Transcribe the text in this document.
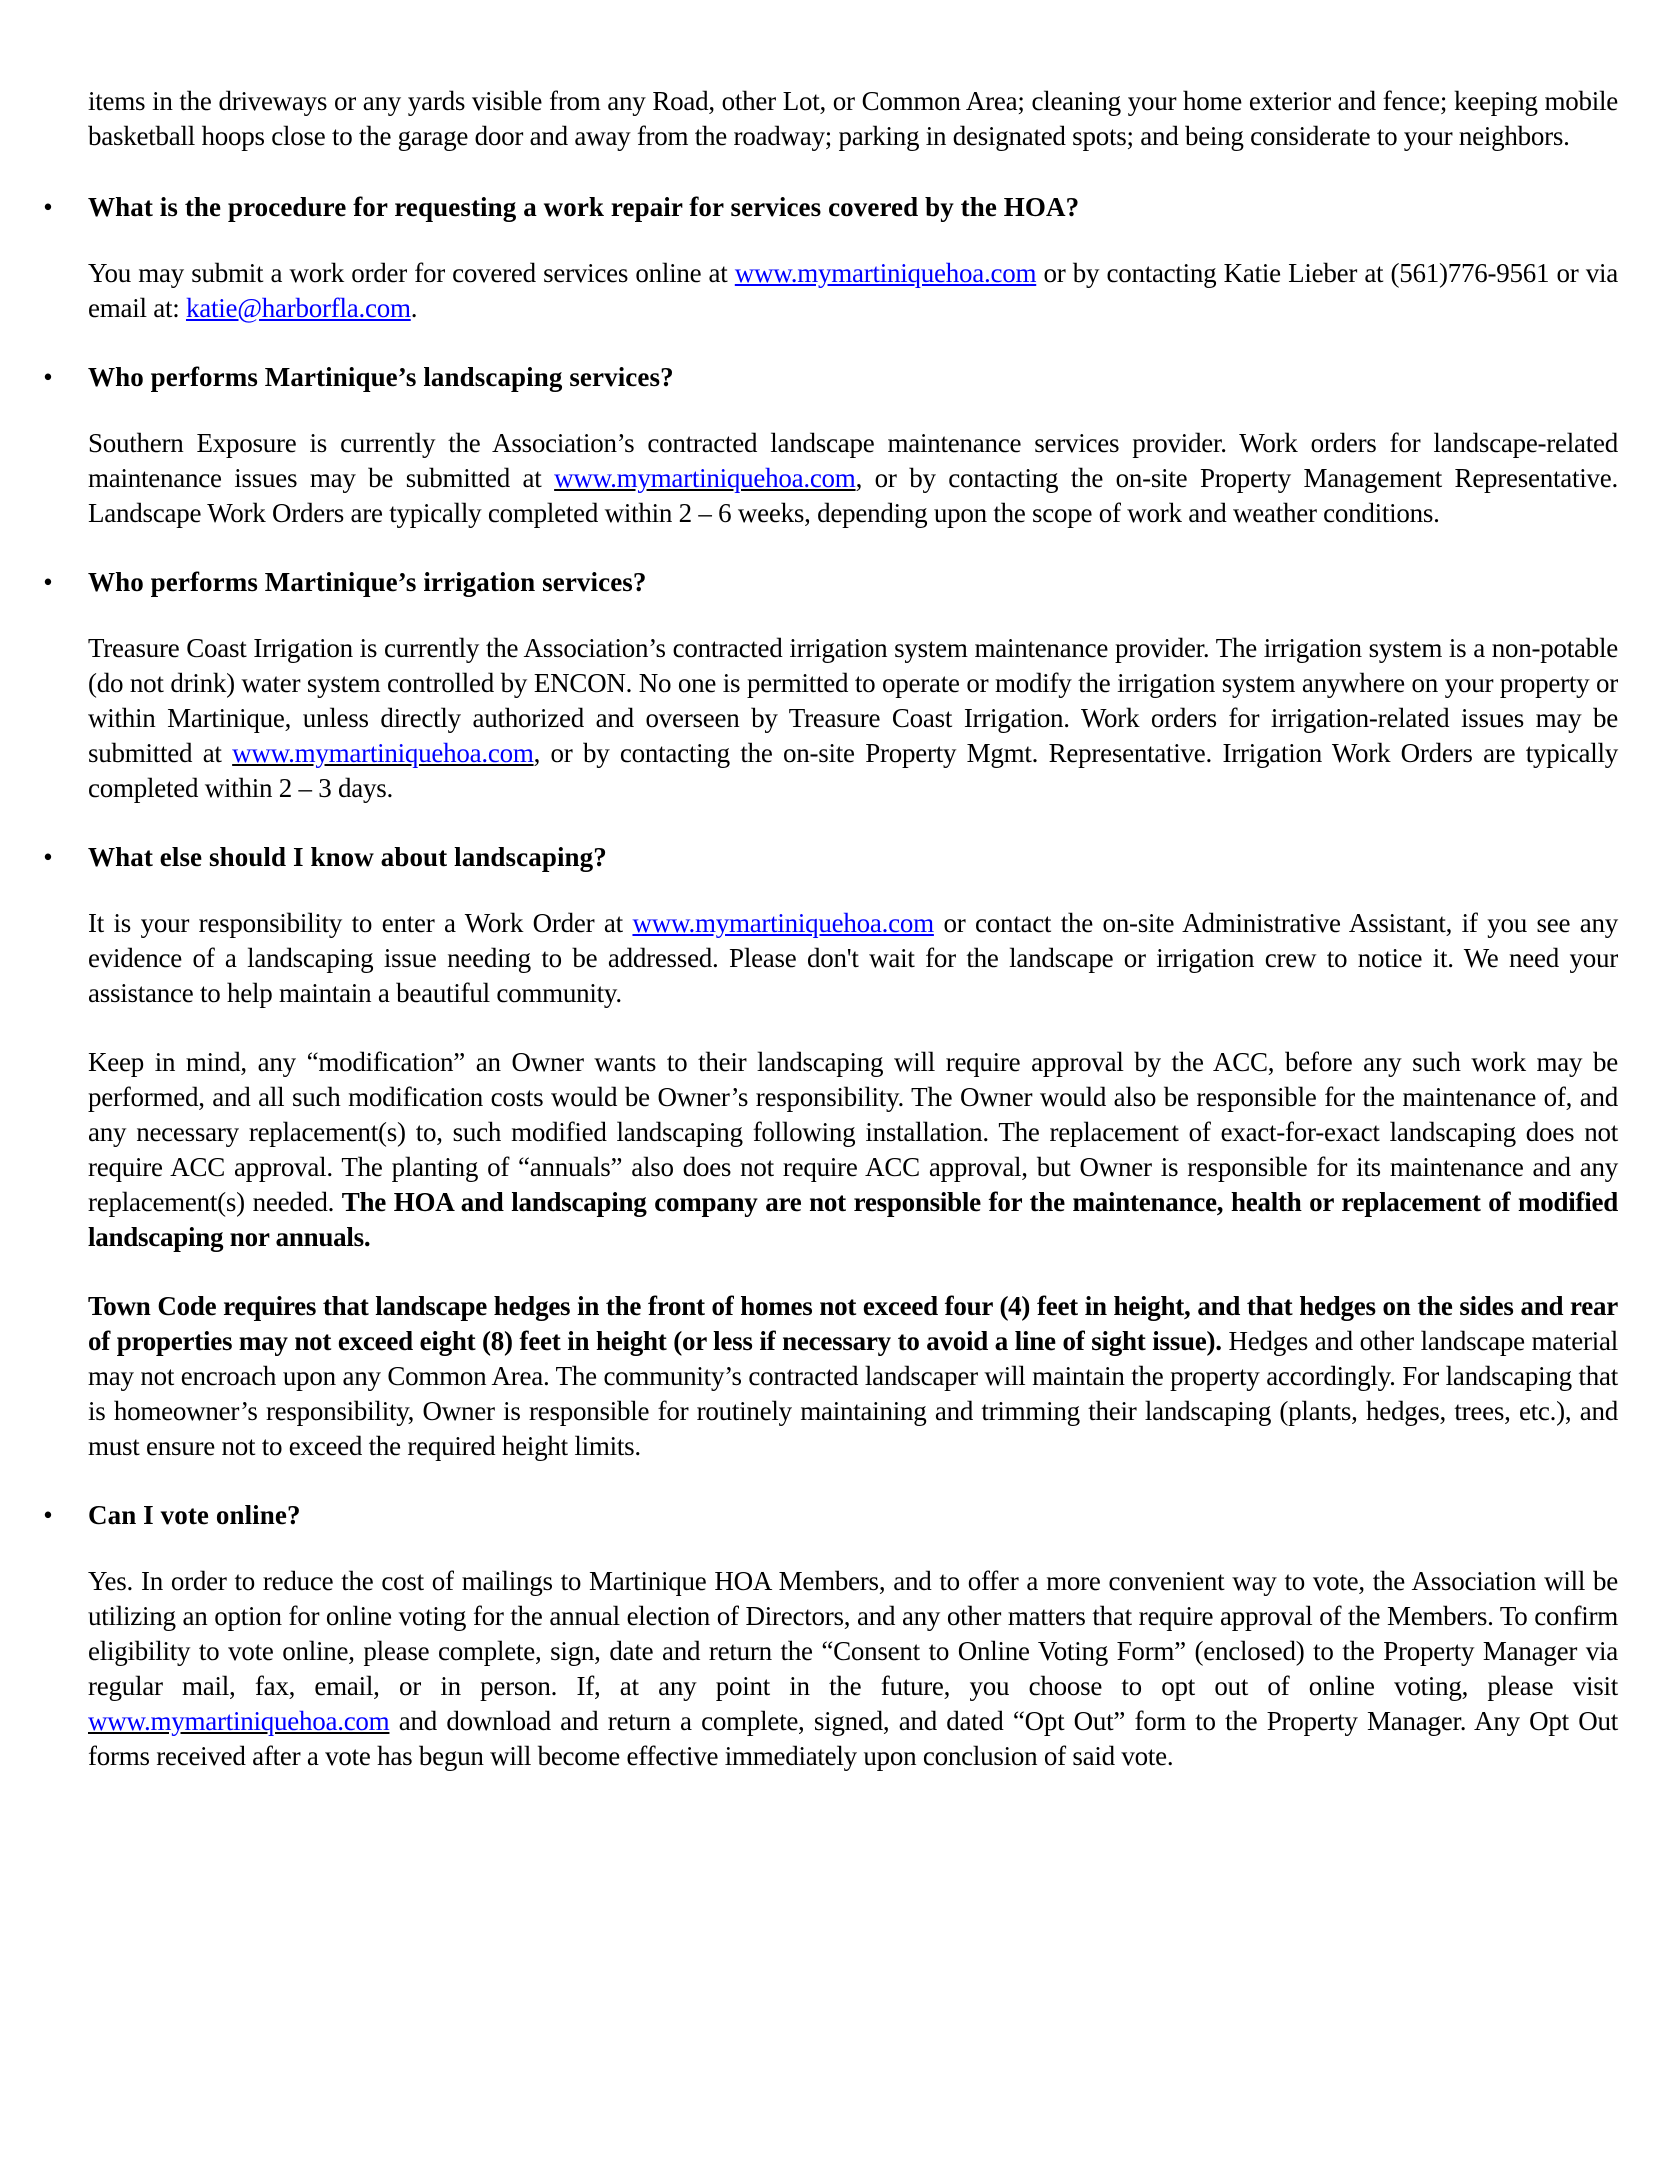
items in the driveways or any yards visible from any Road, other Lot, or Common Area; cleaning your home exterior and fence; keeping mobile basketball hoops close to the garage door and away from the roadway; parking in designated spots; and being considerate to your neighbors.

• What is the procedure for requesting a work repair for services covered by the HOA?

You may submit a work order for covered services online at www.mymartiniquehoa.com or by contacting Katie Lieber at (561)776-9561 or via email at: katie@harborfla.com.

• Who performs Martinique’s landscaping services?

Southern Exposure is currently the Association’s contracted landscape maintenance services provider. Work orders for landscape-related maintenance issues may be submitted at www.mymartiniquehoa.com, or by contacting the on-site Property Management Representative. Landscape Work Orders are typically completed within 2 – 6 weeks, depending upon the scope of work and weather conditions.

• Who performs Martinique’s irrigation services?

Treasure Coast Irrigation is currently the Association’s contracted irrigation system maintenance provider. The irrigation system is a non-potable (do not drink) water system controlled by ENCON. No one is permitted to operate or modify the irrigation system anywhere on your property or within Martinique, unless directly authorized and overseen by Treasure Coast Irrigation. Work orders for irrigation-related issues may be submitted at www.mymartiniquehoa.com, or by contacting the on-site Property Mgmt. Representative. Irrigation Work Orders are typically completed within 2 – 3 days.

• What else should I know about landscaping?

It is your responsibility to enter a Work Order at www.mymartiniquehoa.com or contact the on-site Administrative Assistant, if you see any evidence of a landscaping issue needing to be addressed. Please don't wait for the landscape or irrigation crew to notice it. We need your assistance to help maintain a beautiful community.

Keep in mind, any “modification” an Owner wants to their landscaping will require approval by the ACC, before any such work may be performed, and all such modification costs would be Owner’s responsibility. The Owner would also be responsible for the maintenance of, and any necessary replacement(s) to, such modified landscaping following installation. The replacement of exact-for-exact landscaping does not require ACC approval. The planting of “annuals” also does not require ACC approval, but Owner is responsible for its maintenance and any replacement(s) needed. The HOA and landscaping company are not responsible for the maintenance, health or replacement of modified landscaping nor annuals.

Town Code requires that landscape hedges in the front of homes not exceed four (4) feet in height, and that hedges on the sides and rear of properties may not exceed eight (8) feet in height (or less if necessary to avoid a line of sight issue). Hedges and other landscape material may not encroach upon any Common Area. The community’s contracted landscaper will maintain the property accordingly. For landscaping that is homeowner’s responsibility, Owner is responsible for routinely maintaining and trimming their landscaping (plants, hedges, trees, etc.), and must ensure not to exceed the required height limits.

• Can I vote online?

Yes. In order to reduce the cost of mailings to Martinique HOA Members, and to offer a more convenient way to vote, the Association will be utilizing an option for online voting for the annual election of Directors, and any other matters that require approval of the Members. To confirm eligibility to vote online, please complete, sign, date and return the “Consent to Online Voting Form” (enclosed) to the Property Manager via regular mail, fax, email, or in person. If, at any point in the future, you choose to opt out of online voting, please visit www.mymartiniquehoa.com and download and return a complete, signed, and dated “Opt Out” form to the Property Manager. Any Opt Out forms received after a vote has begun will become effective immediately upon conclusion of said vote.
